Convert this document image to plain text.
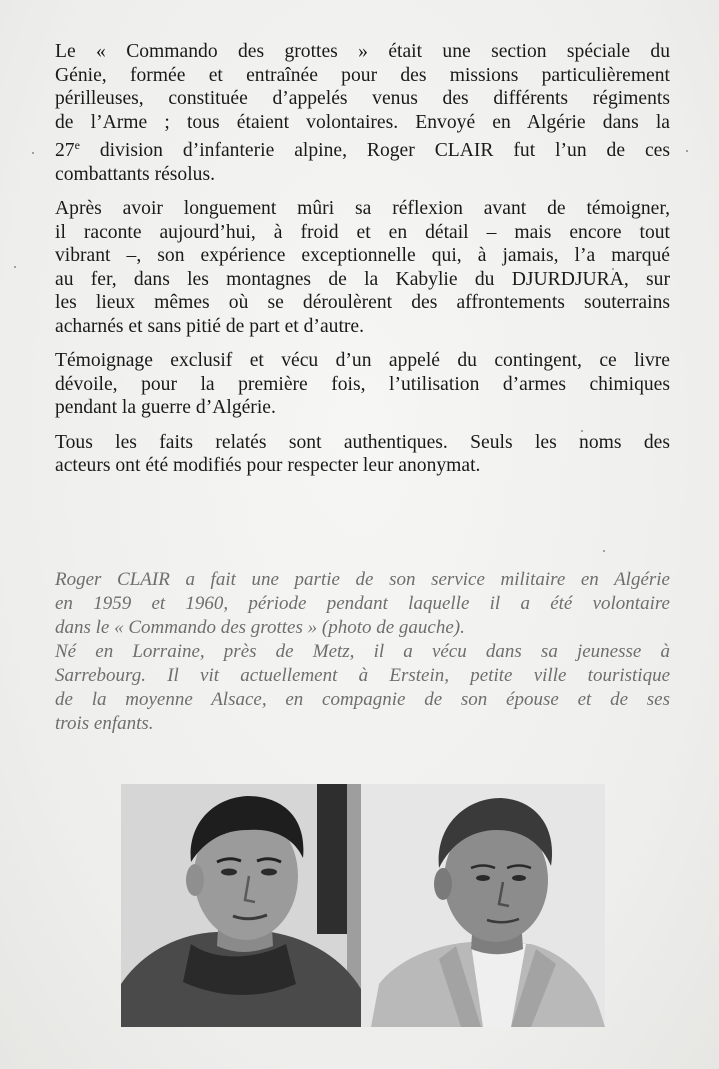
Le « Commando des grottes » était une section spéciale du
Génie, formée et entraînée pour des missions particulièrement
périlleuses, constituée d’appelés venus des différents régiments
de l’Arme ; tous étaient volontaires. Envoyé en Algérie dans la
27e division d’infanterie alpine, Roger CLAIR fut l’un de ces
combattants résolus.

Après avoir longuement mûri sa réflexion avant de témoigner,
il raconte aujourd’hui, à froid et en détail – mais encore tout
vibrant –, son expérience exceptionnelle qui, à jamais, l’a marqué
au fer, dans les montagnes de la Kabylie du DJURDJURA, sur
les lieux mêmes où se déroulèrent des affrontements souterrains
acharnés et sans pitié de part et d’autre.

Témoignage exclusif et vécu d’un appelé du contingent, ce livre
dévoile, pour la première fois, l’utilisation d’armes chimiques
pendant la guerre d’Algérie.

Tous les faits relatés sont authentiques. Seuls les noms des
acteurs ont été modifiés pour respecter leur anonymat.

Roger CLAIR a fait une partie de son service militaire en Algérie
en 1959 et 1960, période pendant laquelle il a été volontaire
dans le « Commando des grottes » (photo de gauche).
Né en Lorraine, près de Metz, il a vécu dans sa jeunesse à
Sarrebourg. Il vit actuellement à Erstein, petite ville touristique
de la moyenne Alsace, en compagnie de son épouse et de ses
trois enfants.
